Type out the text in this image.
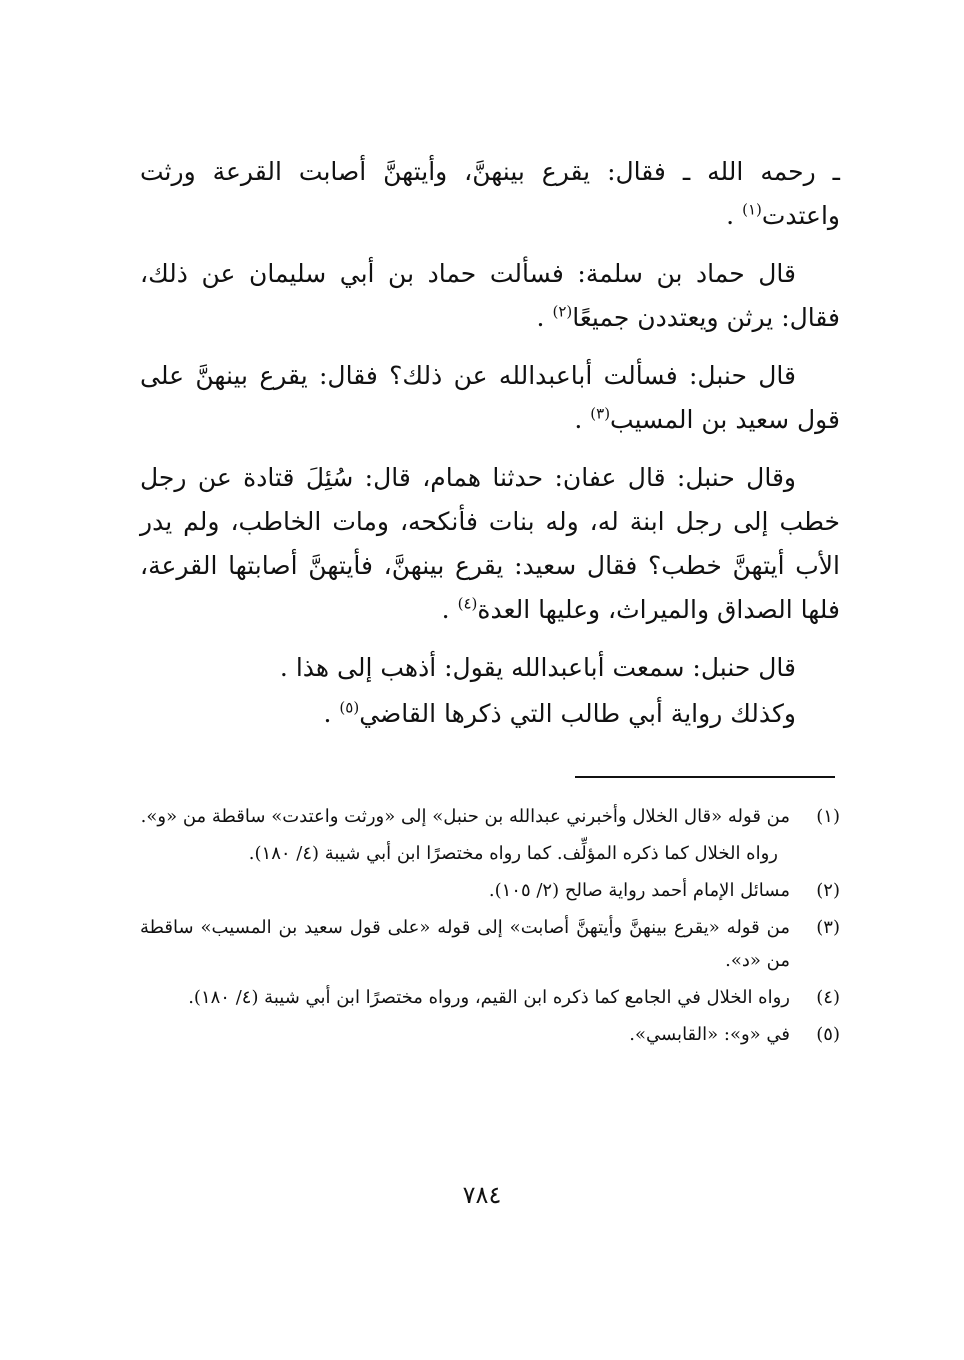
ـ رحمه الله ـ فقال: يقرع بينهنَّ، وأيتهنَّ أصابت القرعة ورثت واعتدت$^{(١)}$ .

قال حماد بن سلمة: فسألت حماد بن أبي سليمان عن ذلك، فقال: يرثن ويعتددن جميعًا$^{(٢)}$ .

قال حنبل: فسألت أباعبدالله عن ذلك؟ فقال: يقرع بينهنَّ على قول سعيد بن المسيب$^{(٣)}$ .

وقال حنبل: قال عفان: حدثنا همام، قال: سُئِلَ قتادة عن رجل خطب إلى رجل ابنة له، وله بنات فأنكحه، ومات الخاطب، ولم يدر الأب أيتهنَّ خطب؟ فقال سعيد: يقرع بينهنَّ، فأيتهنَّ أصابتها القرعة، فلها الصداق والميراث، وعليها العدة$^{(٤)}$ .

قال حنبل: سمعت أباعبدالله يقول: أذهب إلى هذا .

وكذلك رواية أبي طالب التي ذكرها القاضي$^{(٥)}$ .

(١)
من قوله «قال الخلال وأخبرني عبدالله بن حنبل» إلى «ورثت واعتدت» ساقطة من «و».
رواه الخلال كما ذكره المؤلِّف. كما رواه مختصرًا ابن أبي شيبة (٤/ ١٨٠).
(٢)
مسائل الإمام أحمد رواية صالح (٢/ ١٠٥).
(٣)
من قوله «يقرع بينهنَّ وأيتهنَّ أصابت» إلى قوله «على قول سعيد بن المسيب» ساقطة من «د».
(٤)
رواه الخلال في الجامع كما ذكره ابن القيم، ورواه مختصرًا ابن أبي شيبة (٤/ ١٨٠).
(٥)
في «و»: «القابسي».
٧٨٤
